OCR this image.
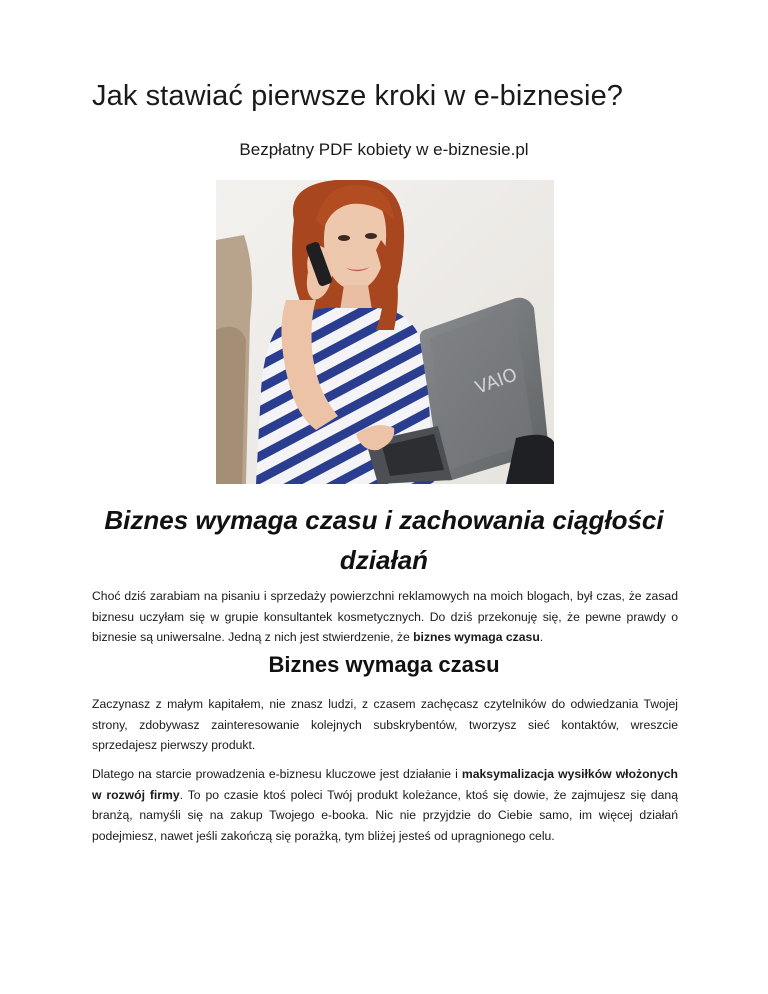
Jak stawiać pierwsze kroki w e-biznesie?

Bezpłatny PDF kobiety w e-biznesie.pl

VAIO
Biznes wymaga czasu i zachowania ciągłości działań

Choć dziś zarabiam na pisaniu i sprzedaży powierzchni reklamowych na moich blogach, był czas, że zasad biznesu uczyłam się w grupie konsultantek kosmetycznych. Do dziś przekonuję się, że pewne prawdy o biznesie są uniwersalne. Jedną z nich jest stwierdzenie, że biznes wymaga czasu.

Biznes wymaga czasu

Zaczynasz z małym kapitałem, nie znasz ludzi, z czasem zachęcasz czytelników do odwiedzania Twojej strony, zdobywasz zainteresowanie kolejnych subskrybentów, tworzysz sieć kontaktów, wreszcie sprzedajesz pierwszy produkt.

Dlatego na starcie prowadzenia e-biznesu kluczowe jest działanie i maksymalizacja wysiłków włożonych w rozwój firmy. To po czasie ktoś poleci Twój produkt koleżance, ktoś się dowie, że zajmujesz się daną branżą, namyśli się na zakup Twojego e-booka. Nic nie przyjdzie do Ciebie samo, im więcej działań podejmiesz, nawet jeśli zakończą się porażką, tym bliżej jesteś od upragnionego celu.
